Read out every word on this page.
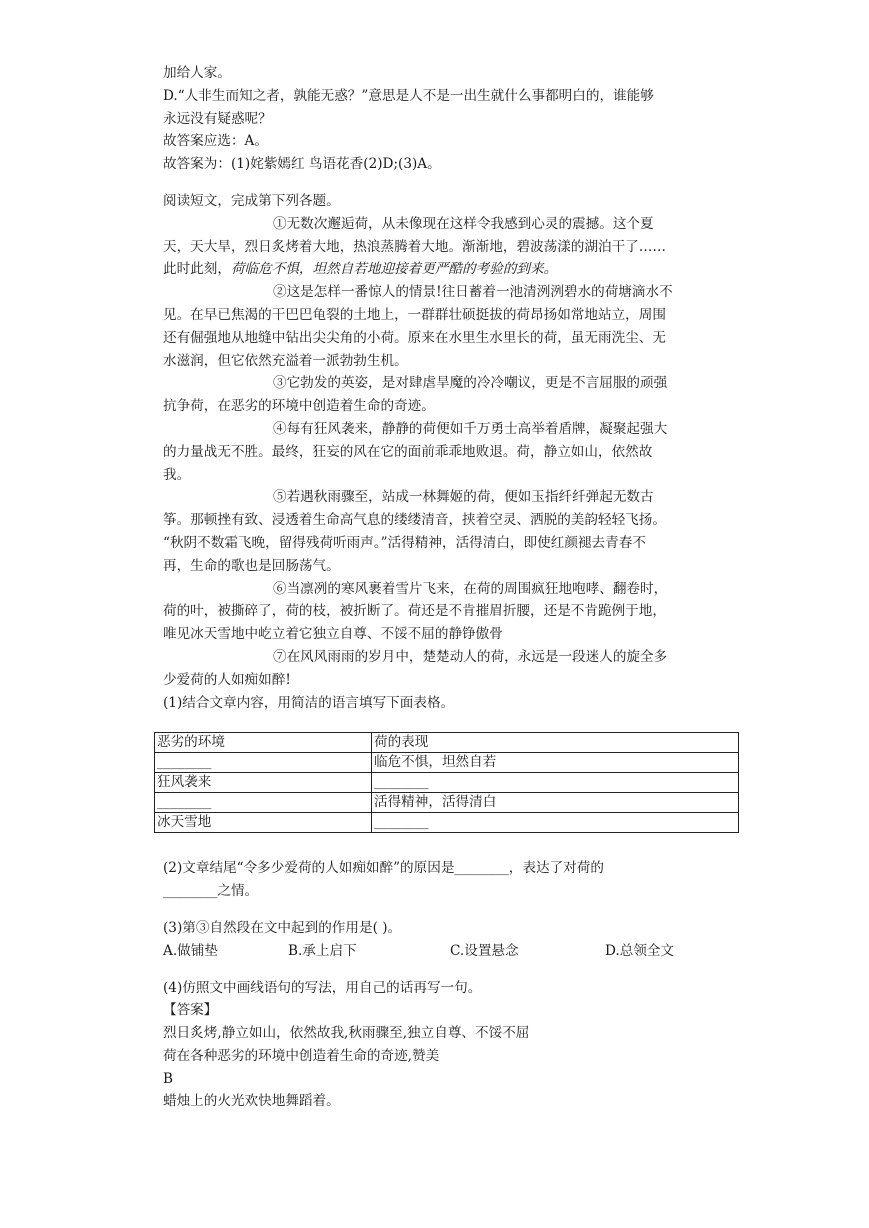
加给人家。
D.“人非生而知之者，孰能无惑？”意思是人不是一出生就什么事都明白的，谁能够
永远没有疑惑呢？
故答案应选：A。
故答案为：(1)姹紫嫣红 鸟语花香(2)D;(3)A。
阅读短文，完成第下列各题。
①无数次邂逅荷，从未像现在这样令我感到心灵的震撼。这个夏
天，天大旱，烈日炙烤着大地，热浪蒸腾着大地。渐渐地，碧波荡漾的湖泊干了……
此时此刻，荷临危不惧，坦然自若地迎接着更严酷的考验的到来。
②这是怎样一番惊人的情景!往日蓄着一池清洌洌碧水的荷塘滴水不
见。在早已焦渴的干巴巴龟裂的土地上，一群群壮硕挺拔的荷昂扬如常地站立，周围
还有倔强地从地缝中钻出尖尖角的小荷。原来在水里生水里长的荷，虽无雨洗尘、无
水滋润，但它依然充溢着一派勃勃生机。
③它勃发的英姿，是对肆虐旱魔的冷冷嘲议，更是不言屈服的顽强
抗争荷，在恶劣的环境中创造着生命的奇迹。
④每有狂风袭来，静静的荷便如千万勇士高举着盾牌，凝聚起强大
的力量战无不胜。最终，狂妄的风在它的面前乖乖地败退。荷，静立如山，依然故
我。
⑤若遇秋雨骤至，站成一林舞姬的荷，便如玉指纤纤弹起无数古
筝。那顿挫有致、浸透着生命高气息的缕缕清音，挟着空灵、洒脱的美韵轻轻飞扬。
“秋阴不数霜飞晚，留得残荷听雨声。”活得精神，活得清白，即使红颜褪去青春不
再，生命的歌也是回肠荡气。
⑥当凛冽的寒风裹着雪片飞来，在荷的周围疯狂地咆哮、翻卷时，
荷的叶，被撕碎了，荷的枝，被折断了。荷还是不肯摧眉折腰，还是不肯跪例于地，
唯见冰天雪地中屹立着它独立自尊、不馁不屈的静铮傲骨
⑦在风风雨雨的岁月中，楚楚动人的荷，永远是一段迷人的旋全多
少爱荷的人如痴如醉!
(1)结合文章内容，用简洁的语言填写下面表格。
恶劣的环境	荷的表现
________	临危不惧，坦然自若
狂风袭来	________
________	活得精神，活得清白
冰天雪地	________
(2)文章结尾“令多少爱荷的人如痴如醉”的原因是________，表达了对荷的
________之情。
(3)第③自然段在文中起到的作用是( )。
A.做铺垫	B.承上启下	C.设置悬念	D.总领全文
(4)仿照文中画线语句的写法，用自己的话再写一句。
【答案】
烈日炙烤,静立如山，依然故我,秋雨骤至,独立自尊、不馁不屈
荷在各种恶劣的环境中创造着生命的奇迹,赞美
B
蜡烛上的火光欢快地舞蹈着。
